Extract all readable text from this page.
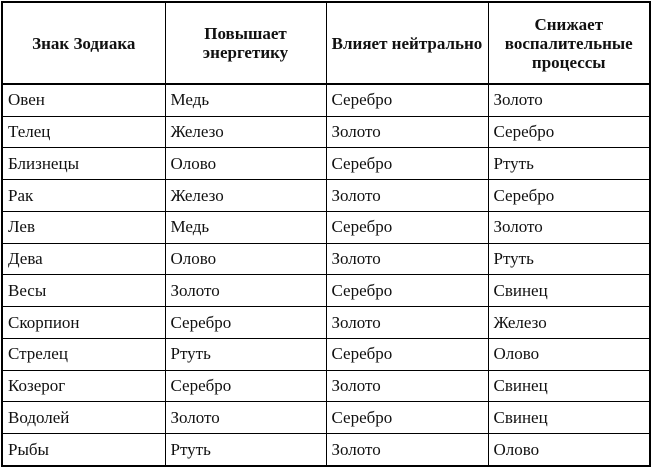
Знак Зодиака	Повышает энергетику	Влияет нейтрально	Снижает воспалительные процессы
Овен	Медь	Серебро	Золото
Телец	Железо	Золото	Серебро
Близнецы	Олово	Серебро	Ртуть
Рак	Железо	Золото	Серебро
Лев	Медь	Серебро	Золото
Дева	Олово	Золото	Ртуть
Весы	Золото	Серебро	Свинец
Скорпион	Серебро	Золото	Железо
Стрелец	Ртуть	Серебро	Олово
Козерог	Серебро	Золото	Свинец
Водолей	Золото	Серебро	Свинец
Рыбы	Ртуть	Золото	Олово
